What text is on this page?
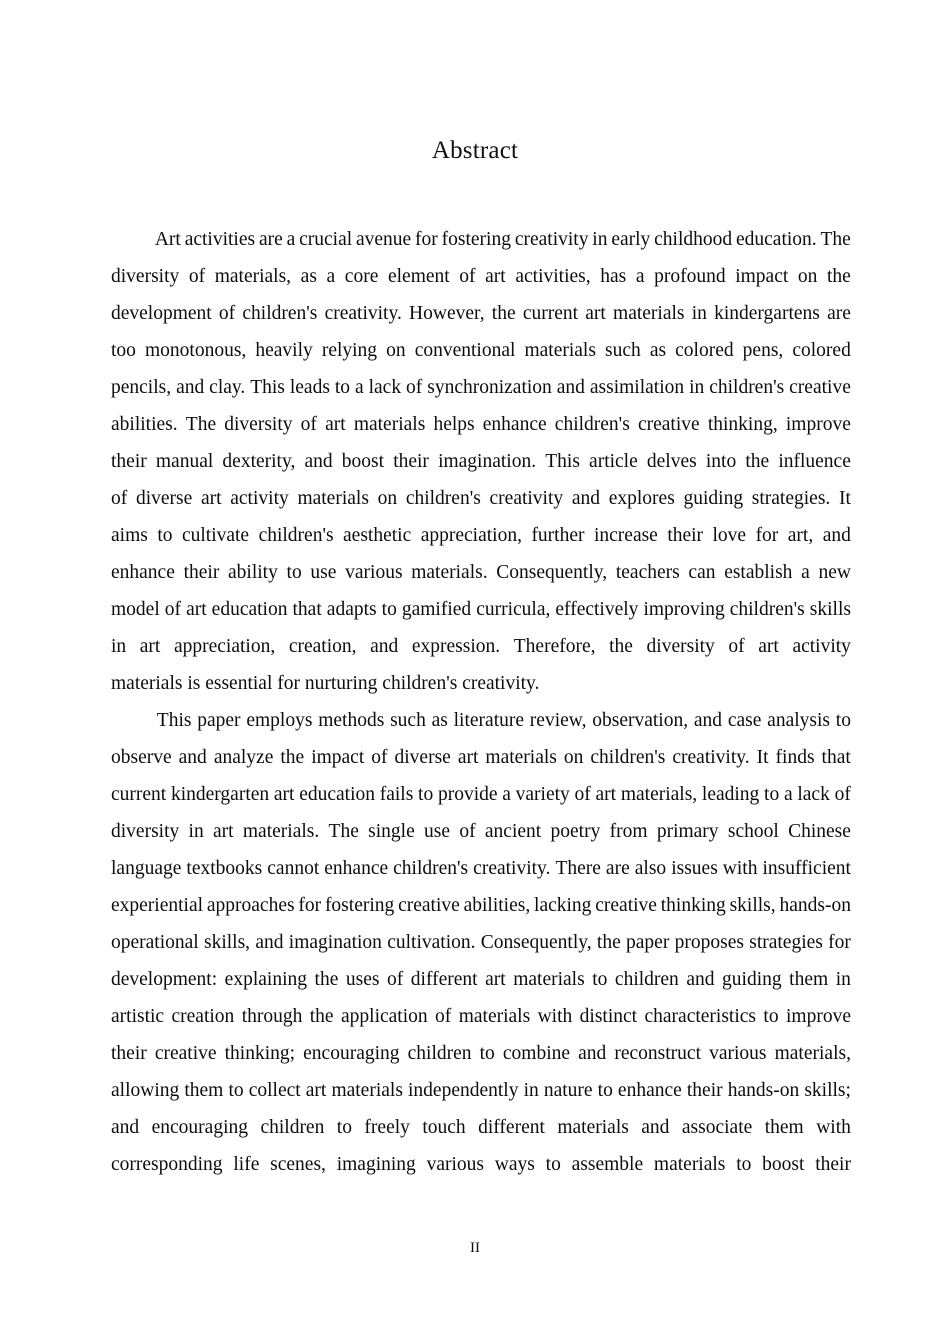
Abstract
Art activities are a crucial avenue for fostering creativity in early childhood education. The
diversity of materials, as a core element of art activities, has a profound impact on the
development of children's creativity. However, the current art materials in kindergartens are
too monotonous, heavily relying on conventional materials such as colored pens, colored
pencils, and clay. This leads to a lack of synchronization and assimilation in children's creative
abilities. The diversity of art materials helps enhance children's creative thinking, improve
their manual dexterity, and boost their imagination. This article delves into the influence
of diverse art activity materials on children's creativity and explores guiding strategies. It
aims to cultivate children's aesthetic appreciation, further increase their love for art, and
enhance their ability to use various materials. Consequently, teachers can establish a new
model of art education that adapts to gamified curricula, effectively improving children's skills
in art appreciation, creation, and expression. Therefore, the diversity of art activity
materials is essential for nurturing children's creativity.
This paper employs methods such as literature review, observation, and case analysis to
observe and analyze the impact of diverse art materials on children's creativity. It finds that
current kindergarten art education fails to provide a variety of art materials, leading to a lack of
diversity in art materials. The single use of ancient poetry from primary school Chinese
language textbooks cannot enhance children's creativity. There are also issues with insufficient
experiential approaches for fostering creative abilities, lacking creative thinking skills, hands-on
operational skills, and imagination cultivation. Consequently, the paper proposes strategies for
development: explaining the uses of different art materials to children and guiding them in
artistic creation through the application of materials with distinct characteristics to improve
their creative thinking; encouraging children to combine and reconstruct various materials,
allowing them to collect art materials independently in nature to enhance their hands-on skills;
and encouraging children to freely touch different materials and associate them with
corresponding life scenes, imagining various ways to assemble materials to boost their
II
